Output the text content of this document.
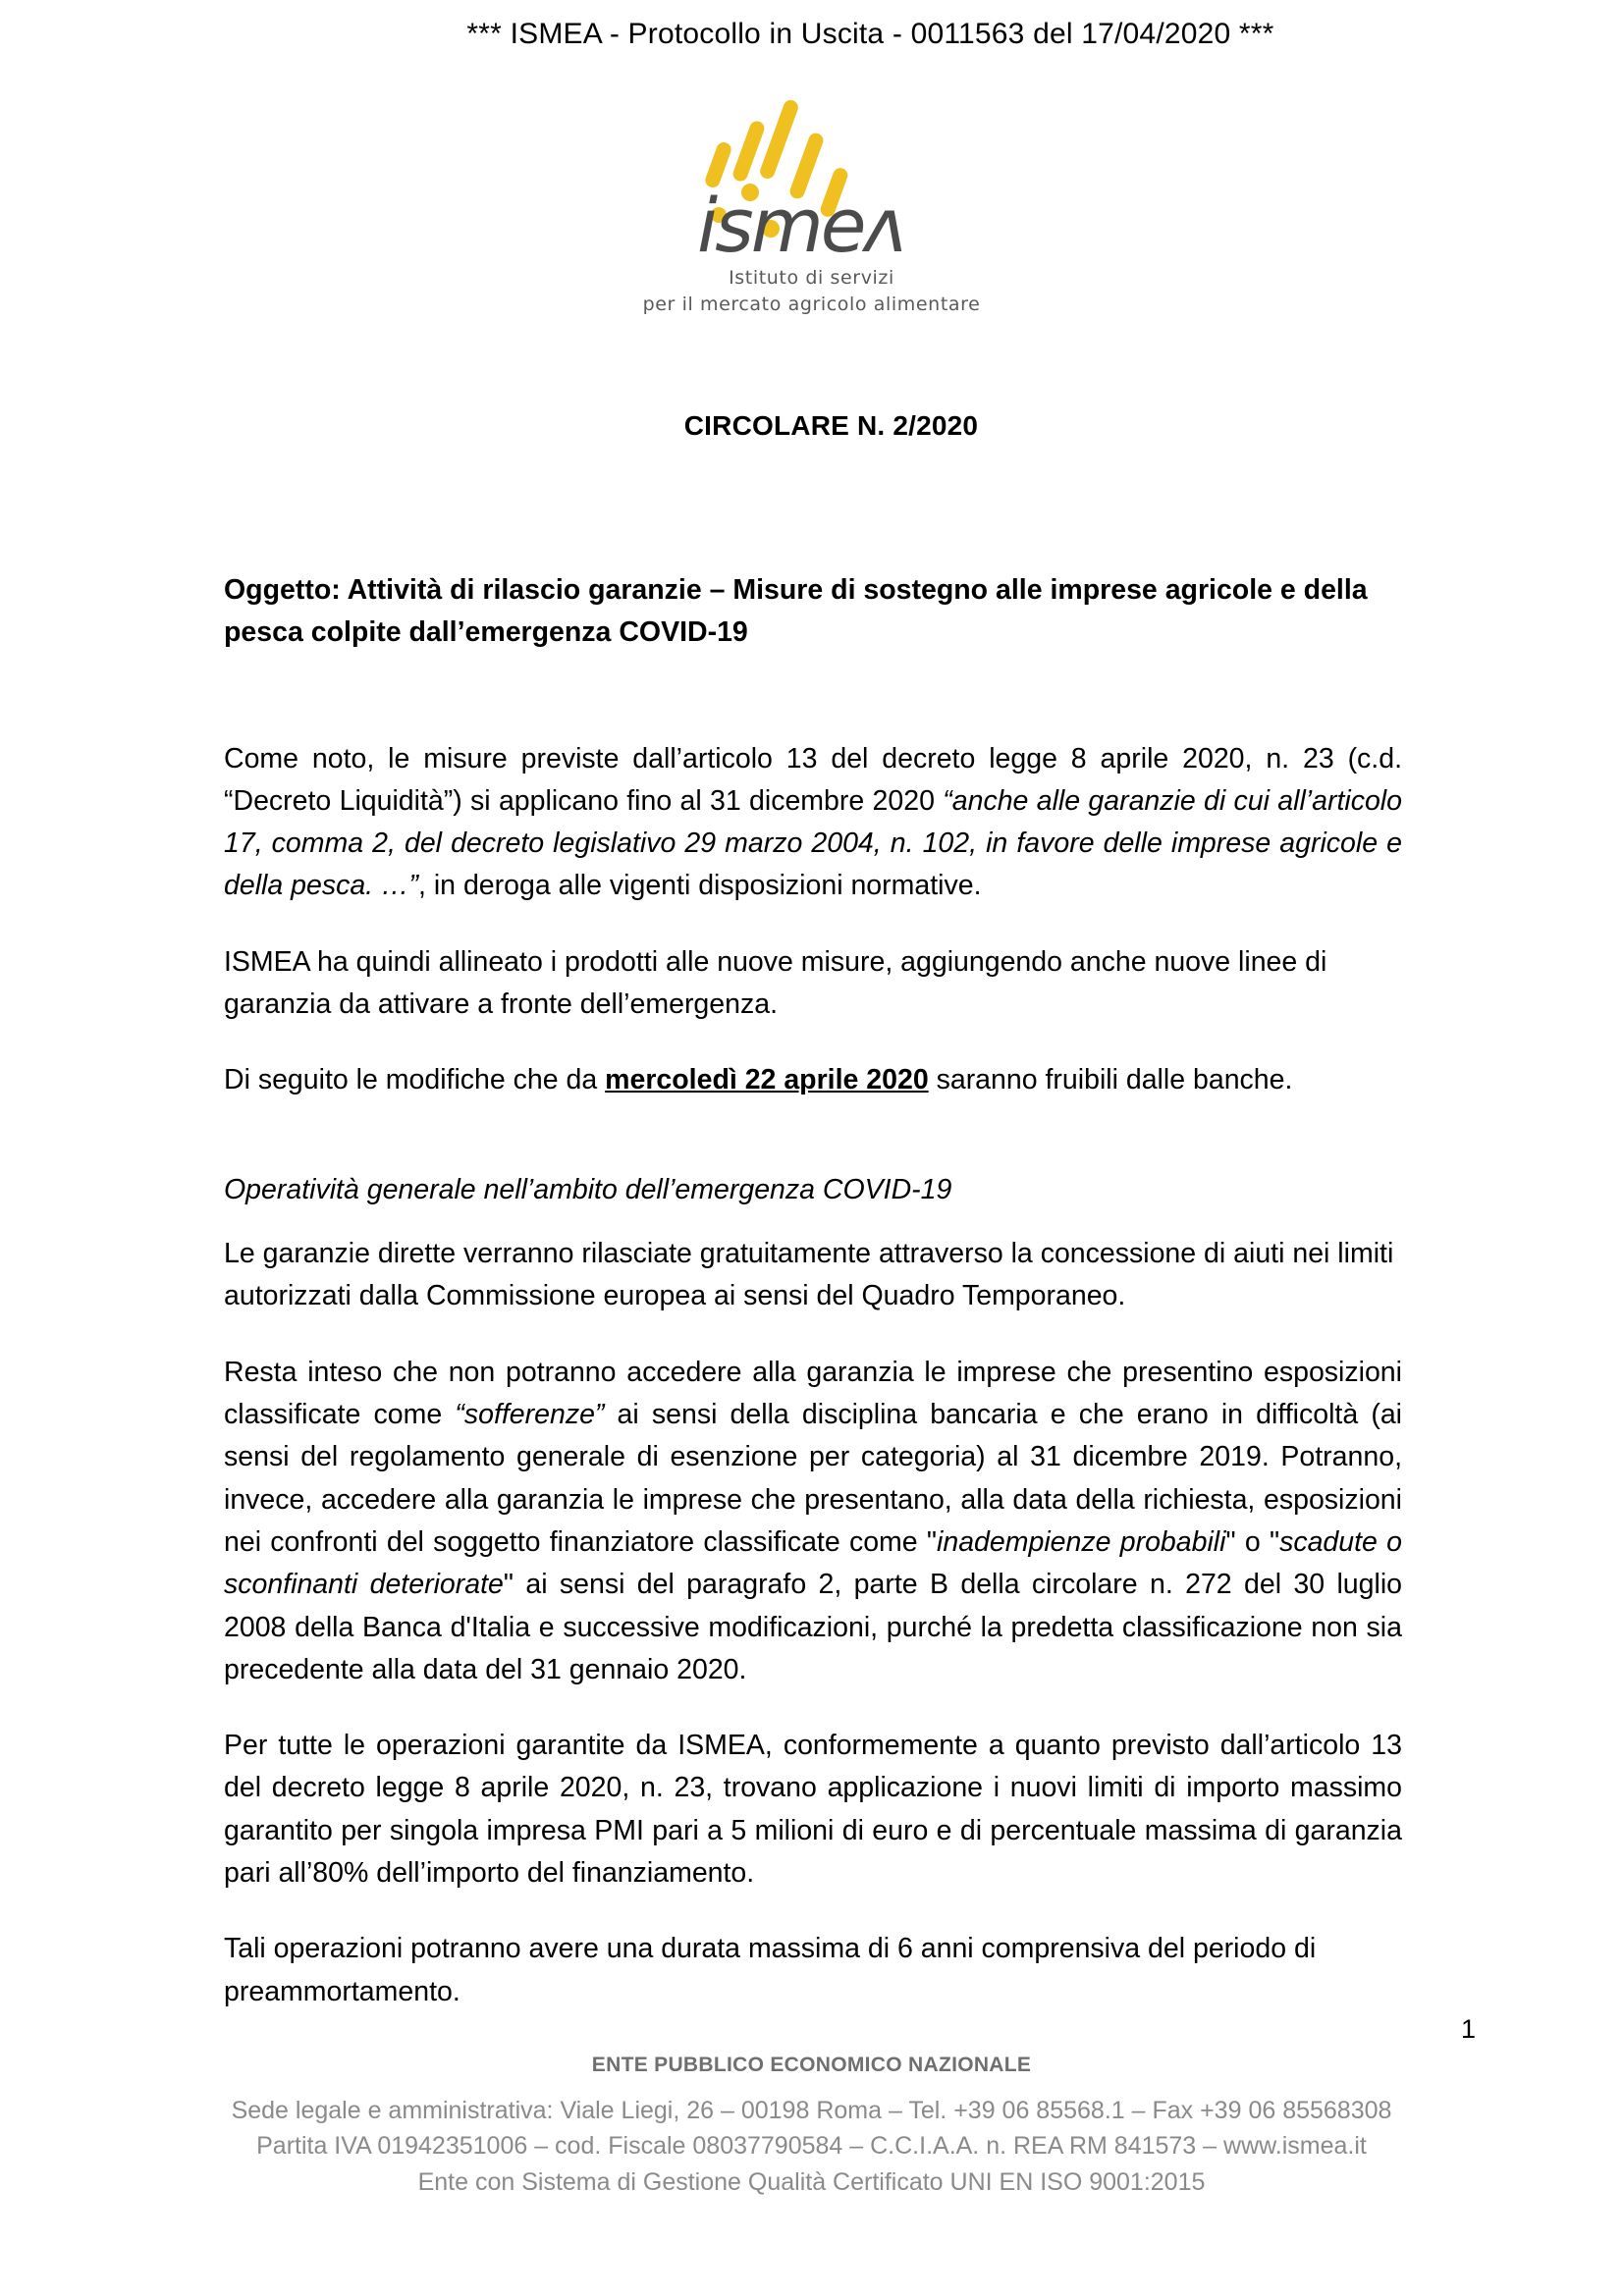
*** ISMEA - Protocollo in Uscita - 0011563 del 17/04/2020 ***
ismeʌ
Istituto di servizi
per il mercato agricolo alimentare
CIRCOLARE N. 2/2020

Oggetto: Attività di rilascio garanzie – Misure di sostegno alle imprese agricole e della pesca colpite dall’emergenza COVID-19

Come noto, le misure previste dall’articolo 13 del decreto legge 8 aprile 2020, n. 23 (c.d. “Decreto Liquidità”) si applicano fino al 31 dicembre 2020 “anche alle garanzie di cui all’articolo 17, comma 2, del decreto legislativo 29 marzo 2004, n. 102, in favore delle imprese agricole e della pesca. …”, in deroga alle vigenti disposizioni normative.

ISMEA ha quindi allineato i prodotti alle nuove misure, aggiungendo anche nuove linee di garanzia da attivare a fronte dell’emergenza.

Di seguito le modifiche che da mercoledì 22 aprile 2020 saranno fruibili dalle banche.

Operatività generale nell’ambito dell’emergenza COVID-19

Le garanzie dirette verranno rilasciate gratuitamente attraverso la concessione di aiuti nei limiti autorizzati dalla Commissione europea ai sensi del Quadro Temporaneo.

Resta inteso che non potranno accedere alla garanzia le imprese che presentino esposizioni classificate come “sofferenze” ai sensi della disciplina bancaria e che erano in difficoltà (ai sensi del regolamento generale di esenzione per categoria) al 31 dicembre 2019. Potranno, invece, accedere alla garanzia le imprese che presentano, alla data della richiesta, esposizioni nei confronti del soggetto finanziatore classificate come "inadempienze probabili" o "scadute o sconfinanti deteriorate" ai sensi del paragrafo 2, parte B della circolare n. 272 del 30 luglio 2008 della Banca d'Italia e successive modificazioni, purché la predetta classificazione non sia precedente alla data del 31 gennaio 2020.

Per tutte le operazioni garantite da ISMEA, conformemente a quanto previsto dall’articolo 13 del decreto legge 8 aprile 2020, n. 23, trovano applicazione i nuovi limiti di importo massimo garantito per singola impresa PMI pari a 5 milioni di euro e di percentuale massima di garanzia pari all’80% dell’importo del finanziamento.

Tali operazioni potranno avere una durata massima di 6 anni comprensiva del periodo di preammortamento.

1
ENTE PUBBLICO ECONOMICO NAZIONALE
Sede legale e amministrativa: Viale Liegi, 26 – 00198 Roma – Tel. +39 06 85568.1 – Fax +39 06 85568308
Partita IVA 01942351006 – cod. Fiscale 08037790584 – C.C.I.A.A. n. REA RM 841573 – www.ismea.it
Ente con Sistema di Gestione Qualità Certificato UNI EN ISO 9001:2015
